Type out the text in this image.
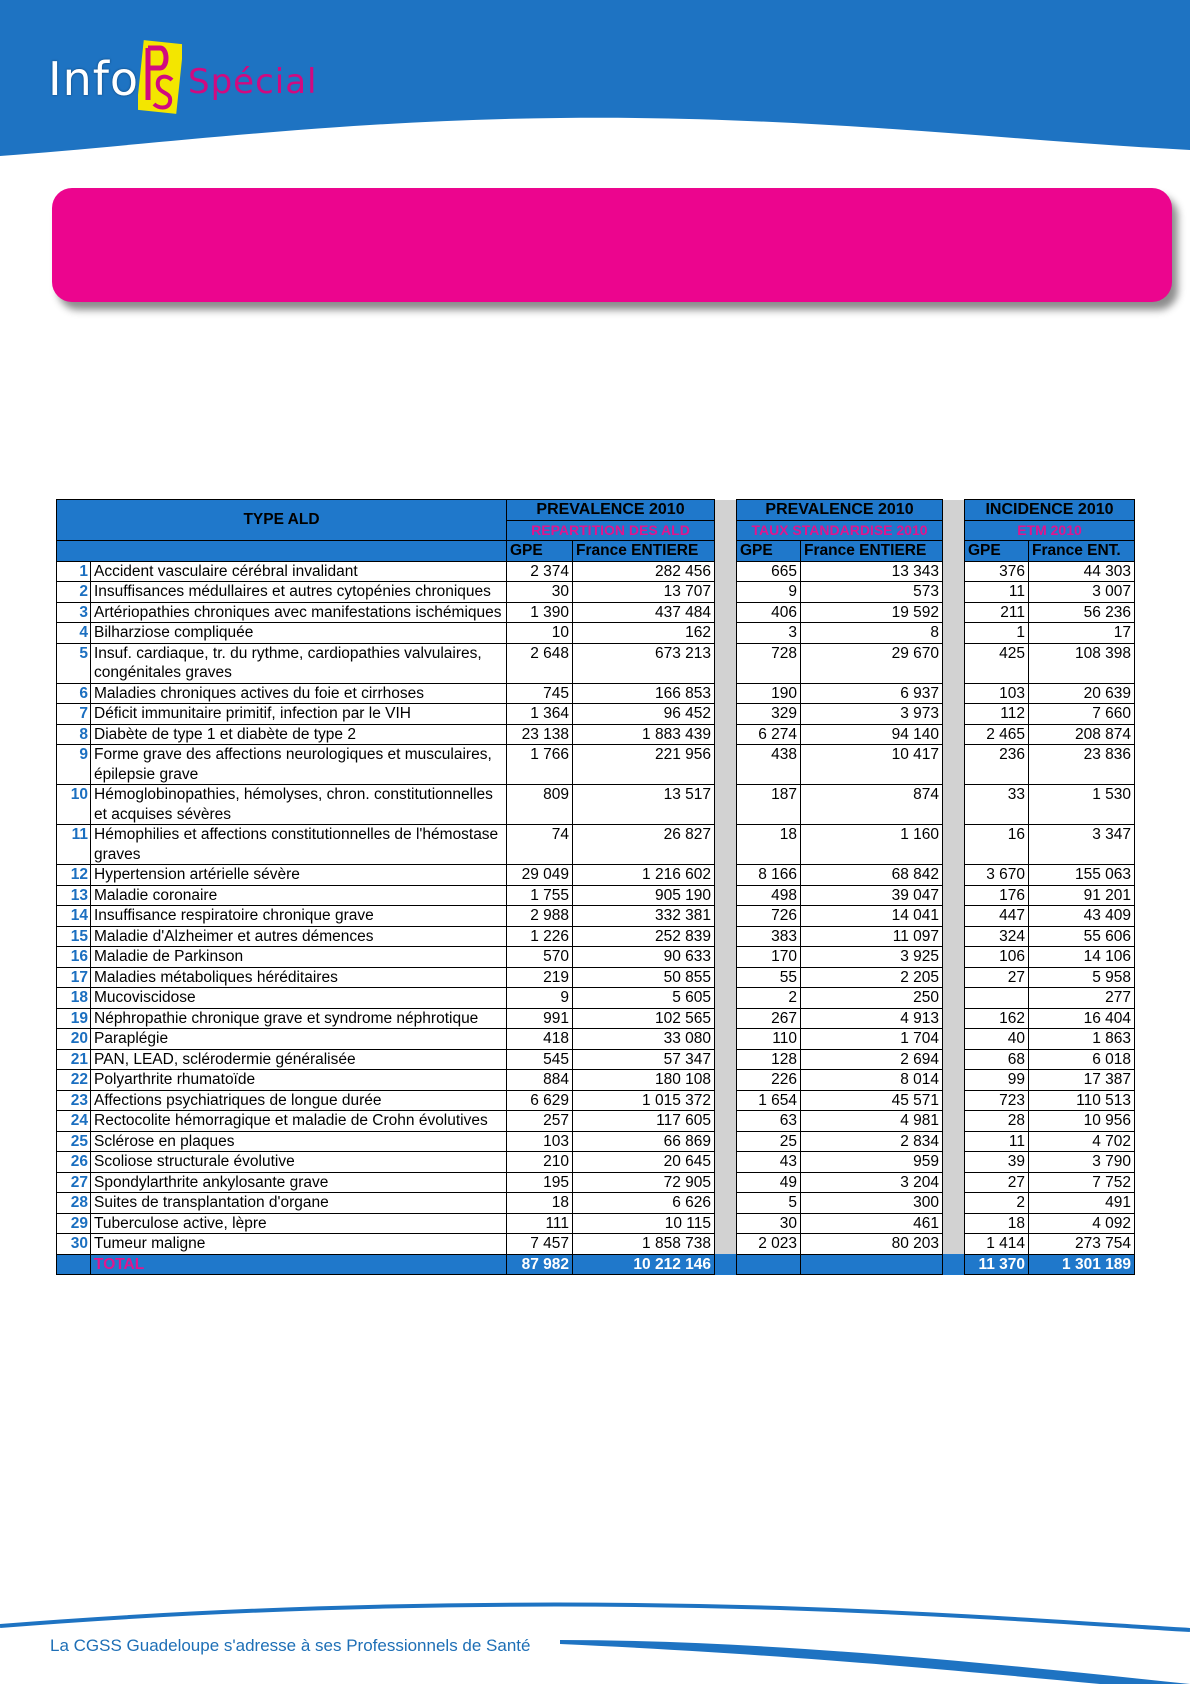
Info Spécial
TYPE ALD		PREVALENCE 2010			PREVALENCE 2010			INCIDENCE 2010	
		REPARTITION DES ALD			TAUX STANDARDISE 2010			ETM 2010	
		GPE	France ENTIERE		GPE	France ENTIERE		GPE	France ENT.
1	Accident vasculaire cérébral invalidant	2 374	282 456		665	13 343		376	44 303
2	Insuffisances médullaires et autres cytopénies chroniques	30	13 707		9	573		11	3 007
3	Artériopathies chroniques avec manifestations ischémiques	1 390	437 484		406	19 592		211	56 236
4	Bilharziose compliquée	10	162		3	8		1	17
5	Insuf. cardiaque, tr. du rythme, cardiopathies valvulaires, congénitales graves	2 648	673 213		728	29 670		425	108 398
6	Maladies chroniques actives du foie et cirrhoses	745	166 853		190	6 937		103	20 639
7	Déficit immunitaire primitif, infection par le VIH	1 364	96 452		329	3 973		112	7 660
8	Diabète de type 1 et diabète de type 2	23 138	1 883 439		6 274	94 140		2 465	208 874
9	Forme grave des affections neurologiques et musculaires, épilepsie grave	1 766	221 956		438	10 417		236	23 836
10	Hémoglobinopathies, hémolyses, chron. constitutionnelles et acquises sévères	809	13 517		187	874		33	1 530
11	Hémophilies et affections constitutionnelles de l'hémostase graves	74	26 827		18	1 160		16	3 347
12	Hypertension artérielle sévère	29 049	1 216 602		8 166	68 842		3 670	155 063
13	Maladie coronaire	1 755	905 190		498	39 047		176	91 201
14	Insuffisance respiratoire chronique grave	2 988	332 381		726	14 041		447	43 409
15	Maladie d'Alzheimer et autres démences	1 226	252 839		383	11 097		324	55 606
16	Maladie de Parkinson	570	90 633		170	3 925		106	14 106
17	Maladies métaboliques héréditaires	219	50 855		55	2 205		27	5 958
18	Mucoviscidose	9	5 605		2	250			277
19	Néphropathie chronique grave et syndrome néphrotique	991	102 565		267	4 913		162	16 404
20	Paraplégie	418	33 080		110	1 704		40	1 863
21	PAN, LEAD, sclérodermie généralisée	545	57 347		128	2 694		68	6 018
22	Polyarthrite rhumatoïde	884	180 108		226	8 014		99	17 387
23	Affections psychiatriques de longue durée	6 629	1 015 372		1 654	45 571		723	110 513
24	Rectocolite hémorragique et maladie de Crohn évolutives	257	117 605		63	4 981		28	10 956
25	Sclérose en plaques	103	66 869		25	2 834		11	4 702
26	Scoliose structurale évolutive	210	20 645		43	959		39	3 790
27	Spondylarthrite ankylosante grave	195	72 905		49	3 204		27	7 752
28	Suites de transplantation d'organe	18	6 626		5	300		2	491
29	Tuberculose active, lèpre	111	10 115		30	461		18	4 092
30	Tumeur maligne	7 457	1 858 738		2 023	80 203		1 414	273 754
	TOTAL	87 982	10 212 146					11 370	1 301 189
La CGSS Guadeloupe s'adresse à ses Professionnels de Santé
